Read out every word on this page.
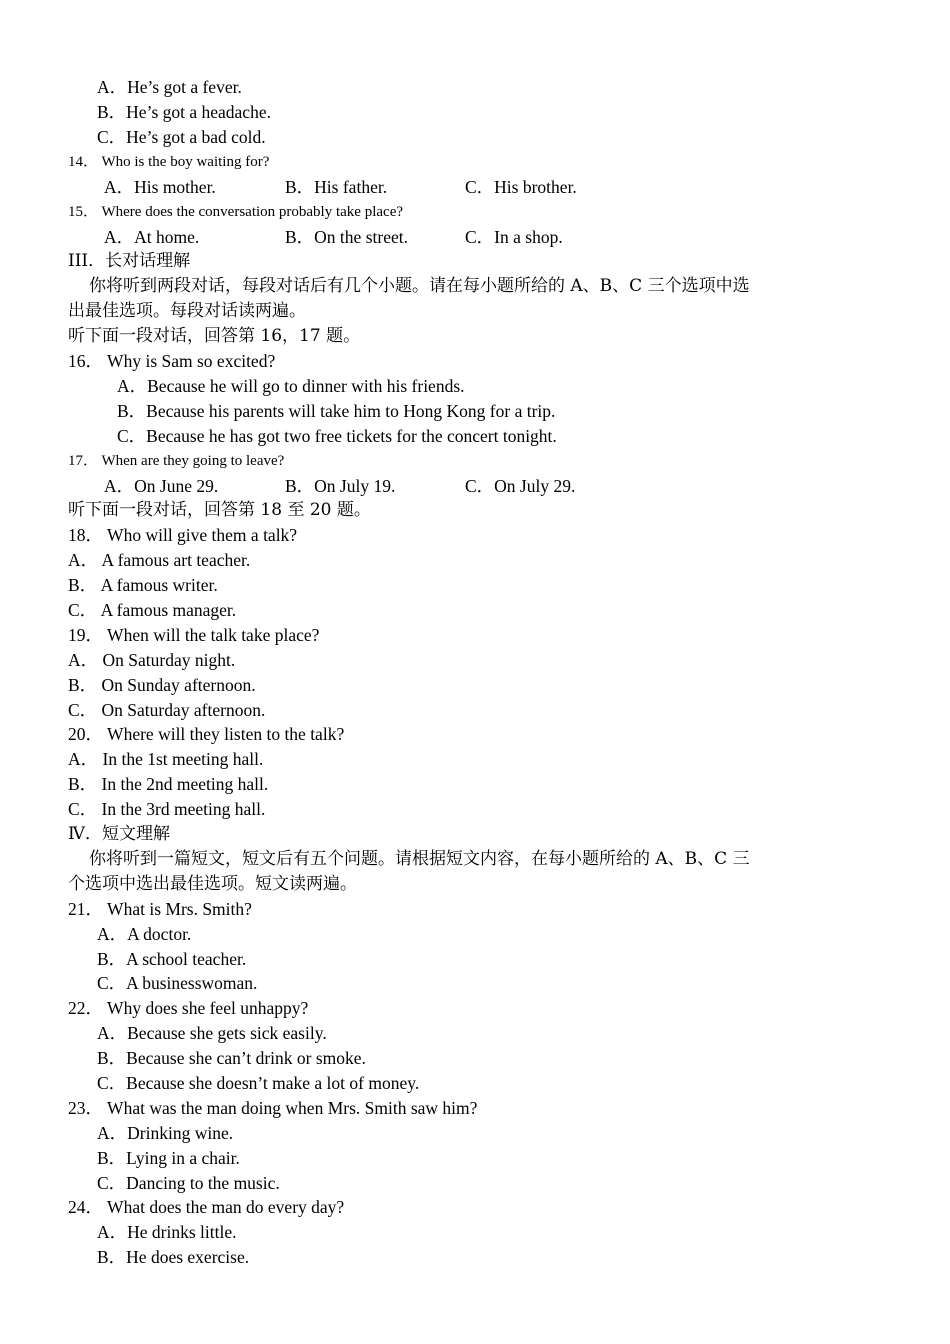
A．He’s got a fever.
B．He’s got a headache.
C．He’s got a bad cold.
14． Who is the boy waiting for?
A．His mother.	B．His father.	C．His brother.
15． Where does the conversation probably take place?
A．At home.	B．On the street.	C．In a shop.
III．长对话理解
你将听到两段对话，每段对话后有几个小题。请在每小题所给的 A、B、C 三个选项中选
出最佳选项。每段对话读两遍。
听下面一段对话，回答第 16，17 题。
16． Why is Sam so excited?
A．Because he will go to dinner with his friends.
B．Because his parents will take him to Hong Kong for a trip.
C．Because he has got two free tickets for the concert tonight.
17． When are they going to leave?
A．On June 29.	B．On July 19.	C．On July 29.
听下面一段对话，回答第 18 至 20 题。
18． Who will give them a talk?
A． A famous art teacher.
B． A famous writer.
C． A famous manager.
19． When will the talk take place?
A． On Saturday night.
B． On Sunday afternoon.
C． On Saturday afternoon.
20． Where will they listen to the talk?
A． In the 1st meeting hall.
B． In the 2nd meeting hall.
C． In the 3rd meeting hall.
Ⅳ．短文理解
你将听到一篇短文，短文后有五个问题。请根据短文内容，在每小题所给的 A、B、C 三
个选项中选出最佳选项。短文读两遍。
21． What is Mrs. Smith?
A．A doctor.
B．A school teacher.
C．A businesswoman.
22． Why does she feel unhappy?
A．Because she gets sick easily.
B．Because she can’t drink or smoke.
C．Because she doesn’t make a lot of money.
23． What was the man doing when Mrs. Smith saw him?
A．Drinking wine.
B．Lying in a chair.
C．Dancing to the music.
24． What does the man do every day?
A．He drinks little.
B．He does exercise.
